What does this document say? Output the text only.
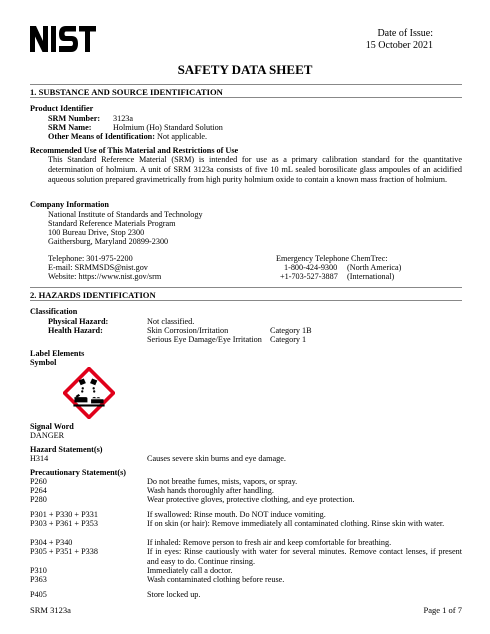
Date of Issue:
15 October 2021
SAFETY DATA SHEET
1. SUBSTANCE AND SOURCE IDENTIFICATION
Product Identifier
SRM Number: 3123a
SRM Name:	Holmium (Ho) Standard Solution
Other Means of Identification: Not applicable.
Recommended Use of This Material and Restrictions of Use
This Standard Reference Material (SRM) is intended for use as a primary calibration standard for the quantitative determination of holmium. A unit of SRM 3123a consists of five 10 mL sealed borosilicate glass ampoules of an acidified aqueous solution prepared gravimetrically from high purity holmium oxide to contain a known mass fraction of holmium.
Company Information
National Institute of Standards and Technology
Standard Reference Materials Program
100 Bureau Drive, Stop 2300
Gaithersburg, Maryland 20899-2300
Telephone: 301-975-2200
E-mail: SRMMSDS@nist.gov
Website: https://www.nist.gov/srm
Emergency Telephone ChemTrec:
1-800-424-9300 (North America)
+1-703-527-3887 (International)
2. HAZARDS IDENTIFICATION
Classification
Physical Hazard:	Not classified.
Health Hazard:	Skin Corrosion/Irritation	Category 1B
Serious Eye Damage/Eye Irritation Category 1
Label Elements
Symbol
Signal Word
DANGER
Hazard Statement(s)
H314	Causes severe skin burns and eye damage.
Precautionary Statement(s)
P260	Do not breathe fumes, mists, vapors, or spray.
P264	Wash hands thoroughly after handling.
P280	Wear protective gloves, protective clothing, and eye protection.
P301 + P330 + P331	If swallowed: Rinse mouth. Do NOT induce vomiting.
P303 + P361 + P353	If on skin (or hair): Remove immediately all contaminated clothing. Rinse skin with water.
P304 + P340	If inhaled: Remove person to fresh air and keep comfortable for breathing.
P305 + P351 + P338	If in eyes: Rinse cautiously with water for several minutes. Remove contact lenses, if present and easy to do. Continue rinsing.
P310	Immediately call a doctor.
P363	Wash contaminated clothing before reuse.
P405	Store locked up.
SRM 3123a	Page 1 of 7
